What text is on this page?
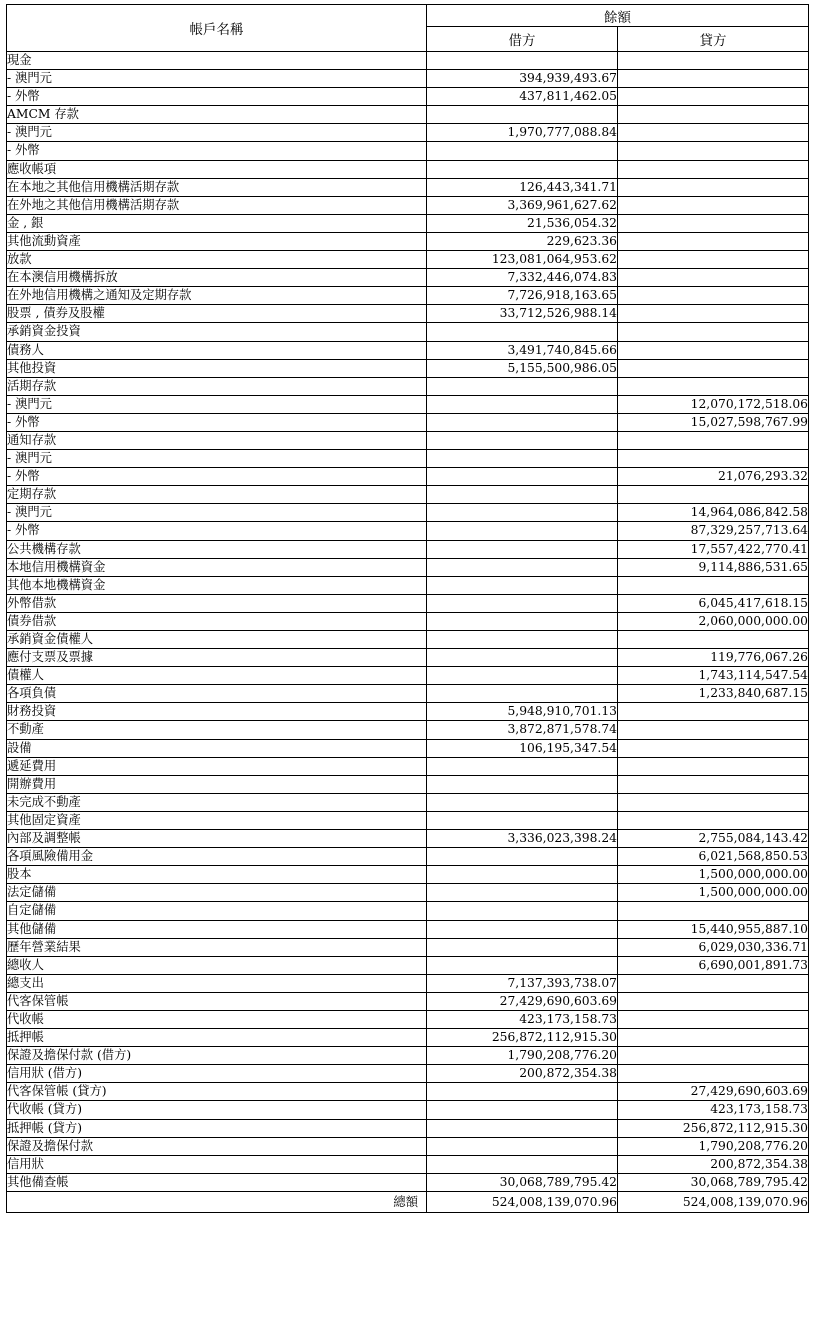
帳戶名稱	餘額	
	借方	貸方
現金		
- 澳門元	394,939,493.67	
- 外幣	437,811,462.05	
AMCM 存款		
- 澳門元	1,970,777,088.84	
- 外幣		
應收帳項		
在本地之其他信用機構活期存款	126,443,341.71	
在外地之其他信用機構活期存款	3,369,961,627.62	
金 , 銀	21,536,054.32	
其他流動資產	229,623.36	
放款	123,081,064,953.62	
在本澳信用機構拆放	7,332,446,074.83	
在外地信用機構之通知及定期存款	7,726,918,163.65	
股票 , 債券及股權	33,712,526,988.14	
承銷資金投資		
債務人	3,491,740,845.66	
其他投資	5,155,500,986.05	
活期存款		
- 澳門元		12,070,172,518.06
- 外幣		15,027,598,767.99
通知存款		
- 澳門元		
- 外幣		21,076,293.32
定期存款		
- 澳門元		14,964,086,842.58
- 外幣		87,329,257,713.64
公共機構存款		17,557,422,770.41
本地信用機構資金		9,114,886,531.65
其他本地機構資金		
外幣借款		6,045,417,618.15
債券借款		2,060,000,000.00
承銷資金債權人		
應付支票及票據		119,776,067.26
債權人		1,743,114,547.54
各項負債		1,233,840,687.15
財務投資	5,948,910,701.13	
不動產	3,872,871,578.74	
設備	106,195,347.54	
遞延費用		
開辦費用		
未完成不動產		
其他固定資產		
內部及調整帳	3,336,023,398.24	2,755,084,143.42
各項風險備用金		6,021,568,850.53
股本		1,500,000,000.00
法定儲備		1,500,000,000.00
自定儲備		
其他儲備		15,440,955,887.10
歷年營業結果		6,029,030,336.71
總收人		6,690,001,891.73
總支出	7,137,393,738.07	
代客保管帳	27,429,690,603.69	
代收帳	423,173,158.73	
抵押帳	256,872,112,915.30	
保證及擔保付款 (借方)	1,790,208,776.20	
信用狀 (借方)	200,872,354.38	
代客保管帳 (貸方)		27,429,690,603.69
代收帳 (貸方)		423,173,158.73
抵押帳 (貸方)		256,872,112,915.30
保證及擔保付款		1,790,208,776.20
信用狀		200,872,354.38
其他備查帳	30,068,789,795.42	30,068,789,795.42
總額	524,008,139,070.96	524,008,139,070.96
